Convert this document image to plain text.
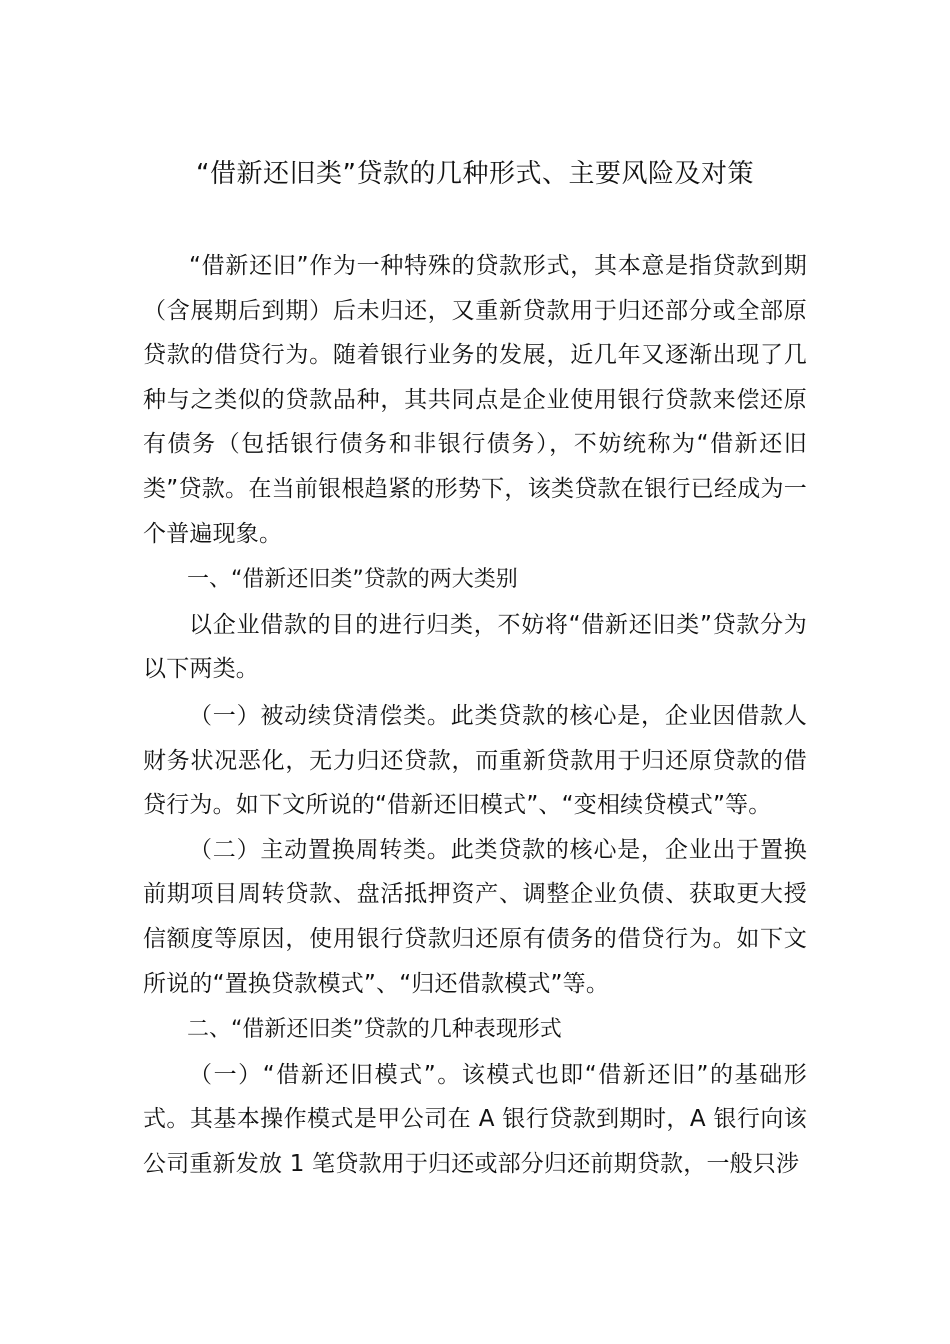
“借新还旧类”贷款的几种形式、主要风险及对策

“借新还旧”作为一种特殊的贷款形式，其本意是指贷款到期（含展期后到期）后未归还，又重新贷款用于归还部分或全部原贷款的借贷行为。随着银行业务的发展，近几年又逐渐出现了几种与之类似的贷款品种，其共同点是企业使用银行贷款来偿还原有债务（包括银行债务和非银行债务），不妨统称为“借新还旧类”贷款。在当前银根趋紧的形势下，该类贷款在银行已经成为一个普遍现象。

一、“借新还旧类”贷款的两大类别

以企业借款的目的进行归类，不妨将“借新还旧类”贷款分为以下两类。

（一）被动续贷清偿类。此类贷款的核心是，企业因借款人财务状况恶化，无力归还贷款，而重新贷款用于归还原贷款的借贷行为。如下文所说的“借新还旧模式”、“变相续贷模式”等。

（二）主动置换周转类。此类贷款的核心是，企业出于置换前期项目周转贷款、盘活抵押资产、调整企业负债、获取更大授信额度等原因，使用银行贷款归还原有债务的借贷行为。如下文所说的“置换贷款模式”、“归还借款模式”等。

二、“借新还旧类”贷款的几种表现形式

（一）“借新还旧模式”。该模式也即“借新还旧”的基础形式。其基本操作模式是甲公司在 A 银行贷款到期时，A 银行向该公司重新发放 1 笔贷款用于归还或部分归还前期贷款，一般只涉
